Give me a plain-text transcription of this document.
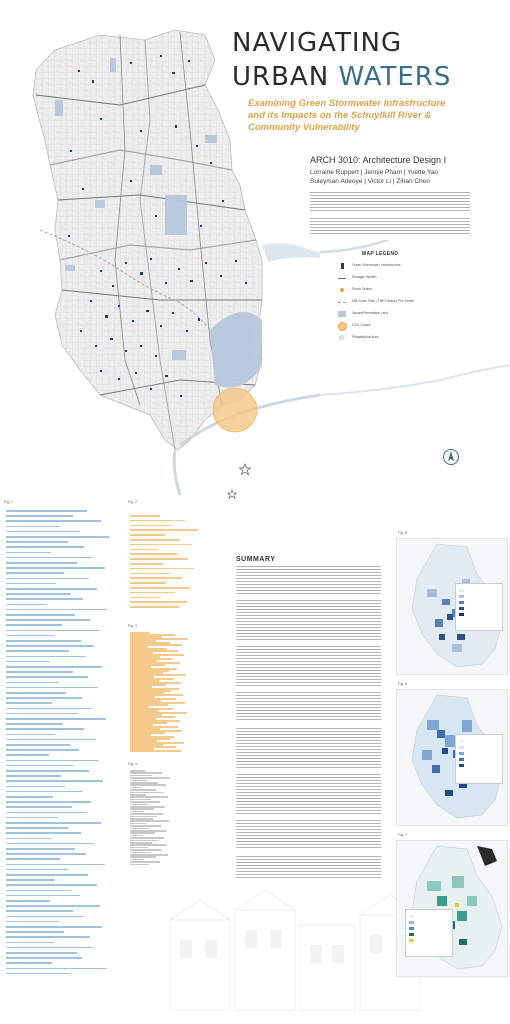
NAVIGATING
URBAN WATERS
Examining Green Stormwater Infrastructure and its Impacts on the Schuylkill River & Community Vulnerability
ARCH 3010: Architecture Design I
Lorraine Ruppert | Jennie Pham | Yvette Yao
Suleyman Adeoye | Victor Li | Zihan Chen
MAP LEGEND
Green Stormwater Infrastructure
Sewage System
Storm Drains
Mill Creek Path | 19th Century Pre-Sewer
Vacant/Permeable Land
CSO Output
☆ Philadelphia Area
Fig. 1	Fig. 2
Fig. 3
Fig. 4
Fig. 5
Fig. 6
Fig. 7
SUMMARY
